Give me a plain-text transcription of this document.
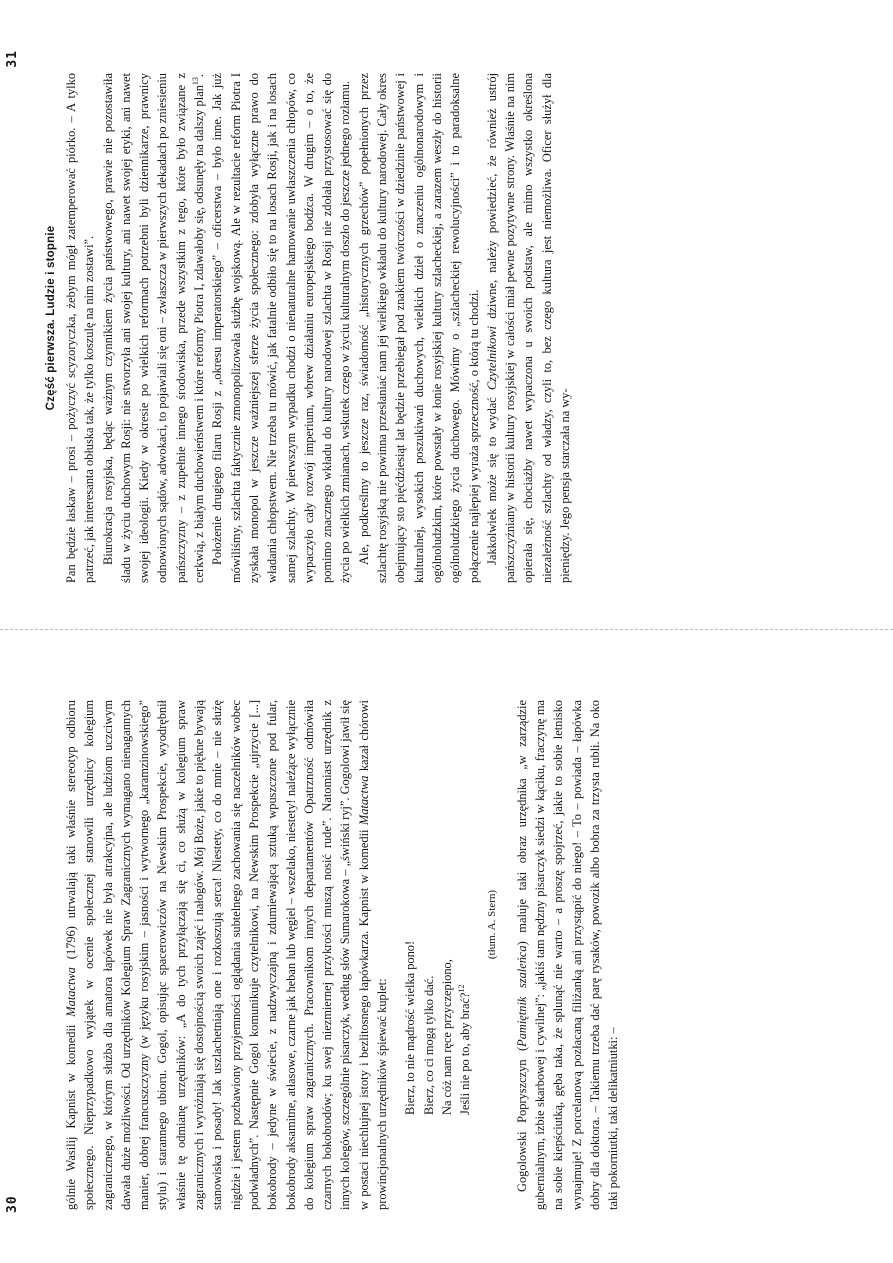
30	gólnie Wasilij Kapnist w komedii Matactwa (1796) utrwalają taki właśnie stereotyp odbioru społecznego. Nieprzypadkowo wyjątek w ocenie społecznej stanowili urzędnicy kolegium zagranicznego, w którym służba dla amatora łapówek nie była atrakcyjna, ale ludziom uczciwym dawała duże możliwości. Od urzędników Kolegium Spraw Zagranicznych wymagano nienagannych manier, dobrej francuszczyzny (w języku rosyjskim – jasności i wytwornego „karamzinowskiego” stylu) i starannego ubioru. Gogol, opisując spacerowiczów na Newskim Prospekcie, wyodrębnił właśnie tę odmianę urzędników: „A do tych przyłączają się ci, co służą w kolegium spraw zagranicznych i wyróżniają się dostojnością swoich zajęć i nałogów. Mój Boże, jakie to piękne bywają stanowiska i posady! Jak uszlachetniają one i rozkoszują serca! Niestety, co do mnie – nie służę nigdzie i jestem pozbawiony przyjemności oglądania subtelnego zachowania się naczelników wobec podwładnych”. Następnie Gogol komunikuje czytelnikowi, na Newskim Prospekcie „ujrzycie [...] bokobrody – jedyne w świecie, z nadzwyczajną i zdumiewającą sztuką wpuszczone pod fular, bokobrody aksamitne, atłasowe, czarne jak heban lub węgiel – wszelako, niestety! należące wyłącznie do kolegium spraw zagranicznych. Pracownikom innych departamentów Opatrzność odmówiła czarnych bokobrodów; ku swej niezmiernej przykrości muszą nosić rude”. Natomiast urzędnik z innych kolegów, szczególnie pisarczyk, według słów Sumarokowa – „świński ryj”. Gogolowi jawił się w postaci niechlujnej istoty i bezlitosnego łapówkarza. Kapnist w komedii Matactwa kazał chórowi prowincjonalnych urzędników śpiewać kuplet: Bierz, to nie mądrość wielka pono! Bierz, co ci mogą tylko dać. Na cóż nam ręce przyczepiono, Jeśli nie po to, aby brać?$^{12}$
(tłum. A. Stern)

Gogolowski Popryszczyn (Pamiętnik szaleńca) maluje taki obraz urzędnika „w zarządzie gubernialnym, izbie skarbowej i cywilnej”: „jakiś tam nędzny pisarczyk siedzi w kąciku, fraczynę ma na sobie kiepściutką, gęba taka, że splunąć nie warto – a proszę spojrzeć, jakie to sobie letnisko wynajmuje! Z porcelanową pozłacaną filiżanką ani przystąpić do niego! – To – powiada – łapówka dobry dla doktora. – Takiemu trzeba dać parę rysaków, powozik albo bobra za trzysta rubli. Na oko taki pokorniutki, taki delikatniutki: –

31
Część pierwsza. Ludzie i stopnie Pan będzie łaskaw – prosi – pożyczyć scyzoryczka, żebym mógł zatemperować piórko. – A tylko patrzeć, jak interesanta obłuska tak, że tylko koszulę na nim zostawi”. Biurokracja rosyjska, będąc ważnym czynnikiem życia państwowego, prawie nie pozostawiła śladu w życiu duchowym Rosji: nie stworzyła ani swojej kultury, ani nawet swojej etyki, ani nawet swojej ideologii. Kiedy w okresie po wielkich reformach potrzebni byli dziennikarze, prawnicy odnowionych sądów, adwokaci, to pojawiali się oni – zwłaszcza w pierwszych dekadach po zniesieniu pańszczyzny – z zupełnie innego środowiska, przede wszystkim z tego, które było związane z cerkwią, z białym duchowieństwem i które reformy Piotra I, zdawałoby się, odsunęły na dalszy plan$^{13}$. Położenie drugiego filaru Rosji z „okresu imperatorskiego” – oficerstwa – było inne. Jak już mówiliśmy, szlachta faktycznie zmonopolizowała służbę wojskową. Ale w rezultacie reform Piotra I zyskała monopol w jeszcze ważniejszej sferze życia społecznego: zdobyła wyłączne prawo do władania chłopstwem. Nie trzeba tu mówić, jak fatalnie odbiło się to na losach Rosji, jak i na losach samej szlachty. W pierwszym wypadku chodzi o nienaturalne hamowanie uwłaszczenia chłopów, co wypaczyło cały rozwój imperium, wbrew działaniu europejskiego bodźca. W drugim – o to, że pomimo znacznego wkładu do kultury narodowej szlachta w Rosji nie zdołała przystosować się do życia po wielkich zmianach, wskutek czego w życiu kulturalnym doszło do jeszcze jednego rozłamu. Ale, podkreślmy to jeszcze raz, świadomość „historycznych grzechów” popełnionych przez szlachtę rosyjską nie powinna przesłaniać nam jej wielkiego wkładu do kultury narodowej. Cały okres obejmujący sto pięćdziesiąt lat będzie przebiegał pod znakiem twórczości w dziedzinie państwowej i kulturalnej, wysokich poszukiwań duchowych, wielkich dzieł o znaczeniu ogólnonarodowym i ogólnoludzkim, które powstały w łonie rosyjskiej kultury szlacheckiej, a zarazem weszły do historii ogólnoludzkiego życia duchowego. Mówimy o „szlacheckiej rewolucyjności” i to paradoksalne połączenie najlepiej wyraża sprzeczność, o którą tu chodzi. Jakkolwiek może się to wydać Czytelnikowi dziwne, należy powiedzieć, że również ustrój pańszczyźniany w historii kultury rosyjskiej w całości miał pewne pozytywne strony. Właśnie na nim opierała się, chociażby nawet wypaczona u swoich podstaw, ale mimo wszystko określona niezależność szlachty od władzy, czyli to, bez czego kultura jest niemożliwa. Oficer służył dla pieniędzy. Jego pensja starczała na wy-
